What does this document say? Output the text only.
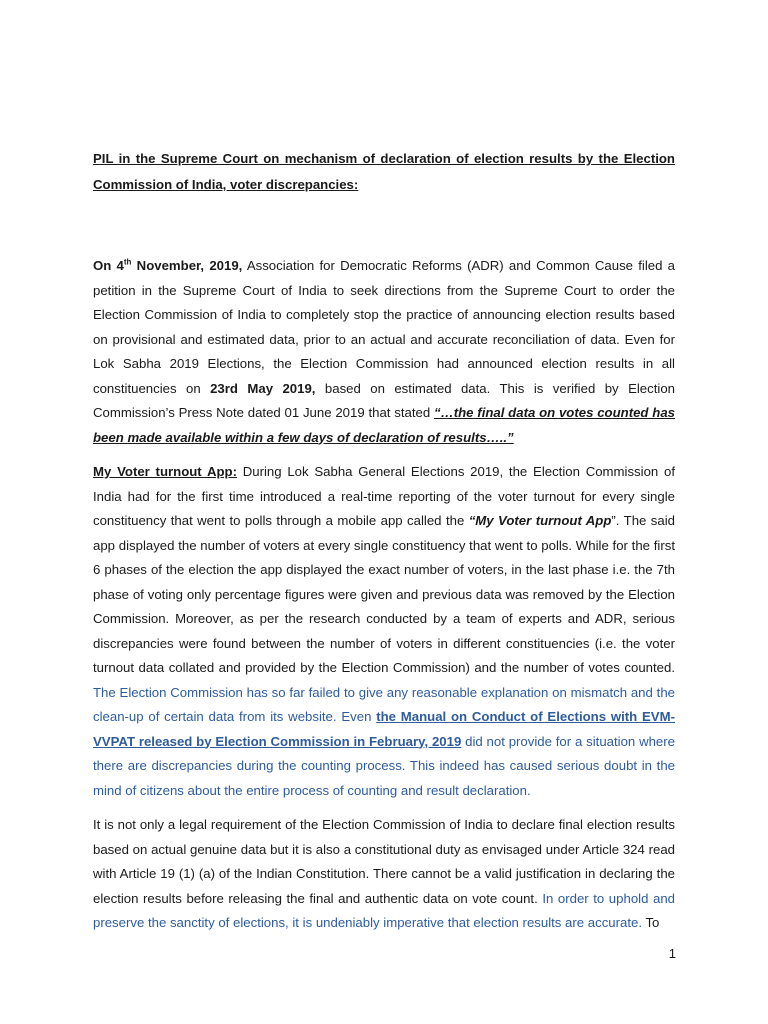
PIL in the Supreme Court on mechanism of declaration of election results by the Election Commission of India, voter discrepancies:

On 4th November, 2019, Association for Democratic Reforms (ADR) and Common Cause filed a petition in the Supreme Court of India to seek directions from the Supreme Court to order the Election Commission of India to completely stop the practice of announcing election results based on provisional and estimated data, prior to an actual and accurate reconciliation of data. Even for Lok Sabha 2019 Elections, the Election Commission had announced election results in all constituencies on 23rd May 2019, based on estimated data. This is verified by Election Commission’s Press Note dated 01 June 2019 that stated “…the final data on votes counted has been made available within a few days of declaration of results…..”

My Voter turnout App: During Lok Sabha General Elections 2019, the Election Commission of India had for the first time introduced a real-time reporting of the voter turnout for every single constituency that went to polls through a mobile app called the “My Voter turnout App”. The said app displayed the number of voters at every single constituency that went to polls. While for the first 6 phases of the election the app displayed the exact number of voters, in the last phase i.e. the 7th phase of voting only percentage figures were given and previous data was removed by the Election Commission. Moreover, as per the research conducted by a team of experts and ADR, serious discrepancies were found between the number of voters in different constituencies (i.e. the voter turnout data collated and provided by the Election Commission) and the number of votes counted. The Election Commission has so far failed to give any reasonable explanation on mismatch and the clean-up of certain data from its website. Even the Manual on Conduct of Elections with EVM-VVPAT released by Election Commission in February, 2019 did not provide for a situation where there are discrepancies during the counting process. This indeed has caused serious doubt in the mind of citizens about the entire process of counting and result declaration.

It is not only a legal requirement of the Election Commission of India to declare final election results based on actual genuine data but it is also a constitutional duty as envisaged under Article 324 read with Article 19 (1) (a) of the Indian Constitution. There cannot be a valid justification in declaring the election results before releasing the final and authentic data on vote count. In order to uphold and preserve the sanctity of elections, it is undeniably imperative that election results are accurate. To

1
